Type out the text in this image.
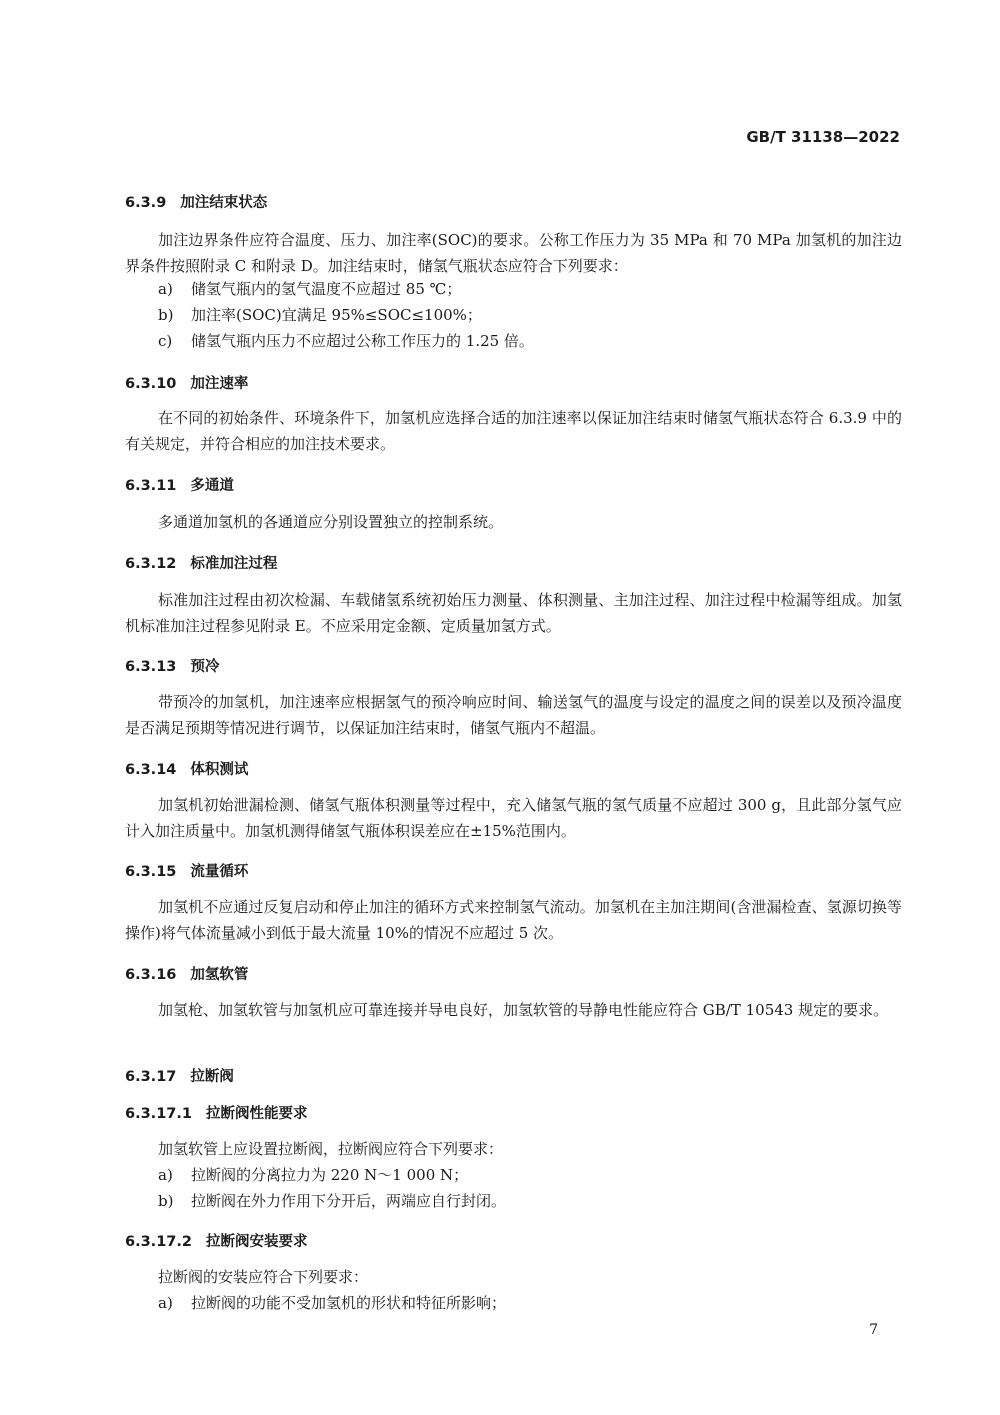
GB/T 31138—2022
6.3.9 加注结束状态
加注边界条件应符合温度、压力、加注率(SOC)的要求。公称工作压力为 35 MPa 和 70 MPa 加氢机的加注边界条件按照附录 C 和附录 D。加注结束时，储氢气瓶状态应符合下列要求：
a) 储氢气瓶内的氢气温度不应超过 85 ℃；
b) 加注率(SOC)宜满足 95%≤SOC≤100%；
c) 储氢气瓶内压力不应超过公称工作压力的 1.25 倍。
6.3.10 加注速率
在不同的初始条件、环境条件下，加氢机应选择合适的加注速率以保证加注结束时储氢气瓶状态符合 6.3.9 中的有关规定，并符合相应的加注技术要求。
6.3.11 多通道
多通道加氢机的各通道应分别设置独立的控制系统。
6.3.12 标准加注过程
标准加注过程由初次检漏、车载储氢系统初始压力测量、体积测量、主加注过程、加注过程中检漏等组成。加氢机标准加注过程参见附录 E。不应采用定金额、定质量加氢方式。
6.3.13 预冷
带预冷的加氢机，加注速率应根据氢气的预冷响应时间、输送氢气的温度与设定的温度之间的误差以及预冷温度是否满足预期等情况进行调节，以保证加注结束时，储氢气瓶内不超温。
6.3.14 体积测试
加氢机初始泄漏检测、储氢气瓶体积测量等过程中，充入储氢气瓶的氢气质量不应超过 300 g，且此部分氢气应计入加注质量中。加氢机测得储氢气瓶体积误差应在±15%范围内。
6.3.15 流量循环
加氢机不应通过反复启动和停止加注的循环方式来控制氢气流动。加氢机在主加注期间(含泄漏检查、氢源切换等操作)将气体流量减小到低于最大流量 10%的情况不应超过 5 次。
6.3.16 加氢软管
加氢枪、加氢软管与加氢机应可靠连接并导电良好，加氢软管的导静电性能应符合 GB/T 10543 规定的要求。
6.3.17 拉断阀
6.3.17.1 拉断阀性能要求
加氢软管上应设置拉断阀，拉断阀应符合下列要求：
a) 拉断阀的分离拉力为 220 N～1 000 N；
b) 拉断阀在外力作用下分开后，两端应自行封闭。
6.3.17.2 拉断阀安装要求
拉断阀的安装应符合下列要求：
a) 拉断阀的功能不受加氢机的形状和特征所影响；
7
